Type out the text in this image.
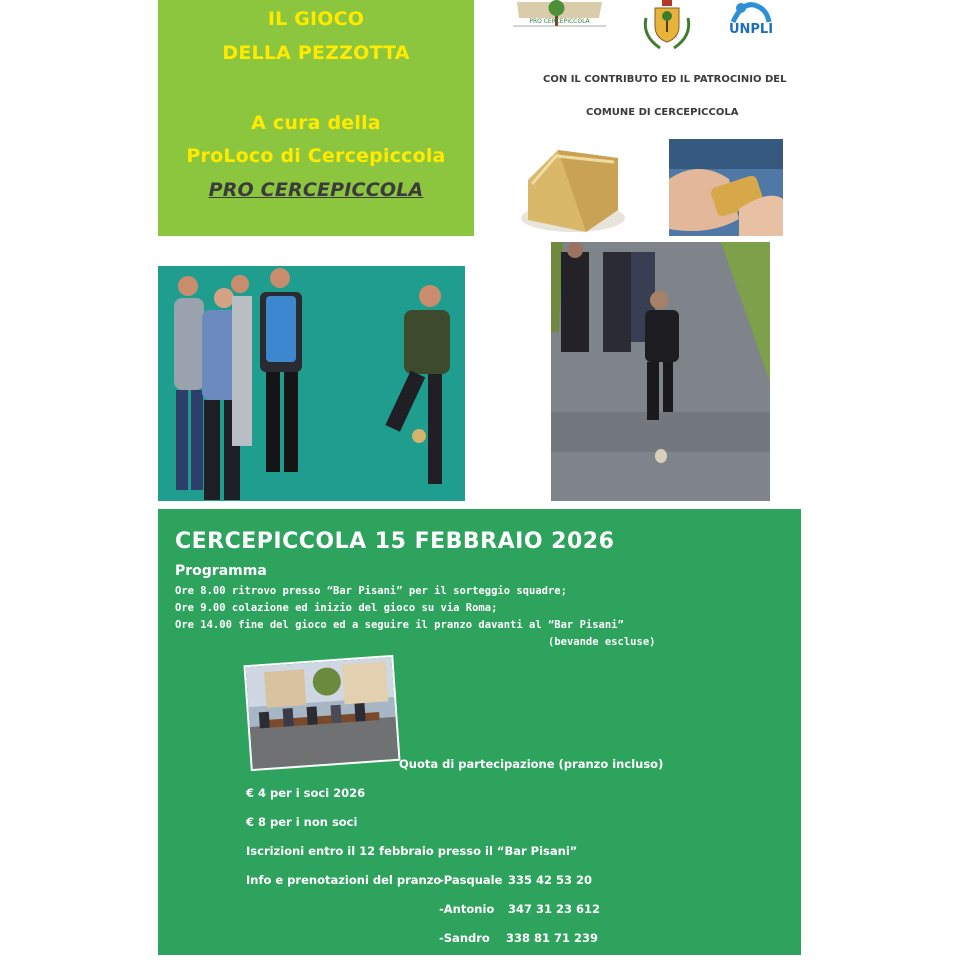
IL GIOCO
DELLA PEZZOTTA
A cura della
ProLoco di Cercepiccola
PRO CERCEPICCOLA
PRO CERCEPICCOLA
UNPLI
CON IL CONTRIBUTO ED IL PATROCINIO DEL
COMUNE DI CERCEPICCOLA
CERCEPICCOLA 15 FEBBRAIO 2026
Programma
Ore 8.00 ritrovo presso “Bar Pisani” per il sorteggio squadre;
Ore 9.00 colazione ed inizio del gioco su via Roma;
Ore 14.00 fine del gioco ed a seguire il pranzo davanti al “Bar Pisani”
(bevande escluse)
Quota di partecipazione (pranzo incluso)
€ 4 per i soci 2026
€ 8 per i non soci
Iscrizioni entro il 12 febbraio presso il “Bar Pisani”
Info e prenotazioni del pranzo
-Pasquale 335 42 53 20
-Antonio 347 31 23 612
-Sandro 338 81 71 239
